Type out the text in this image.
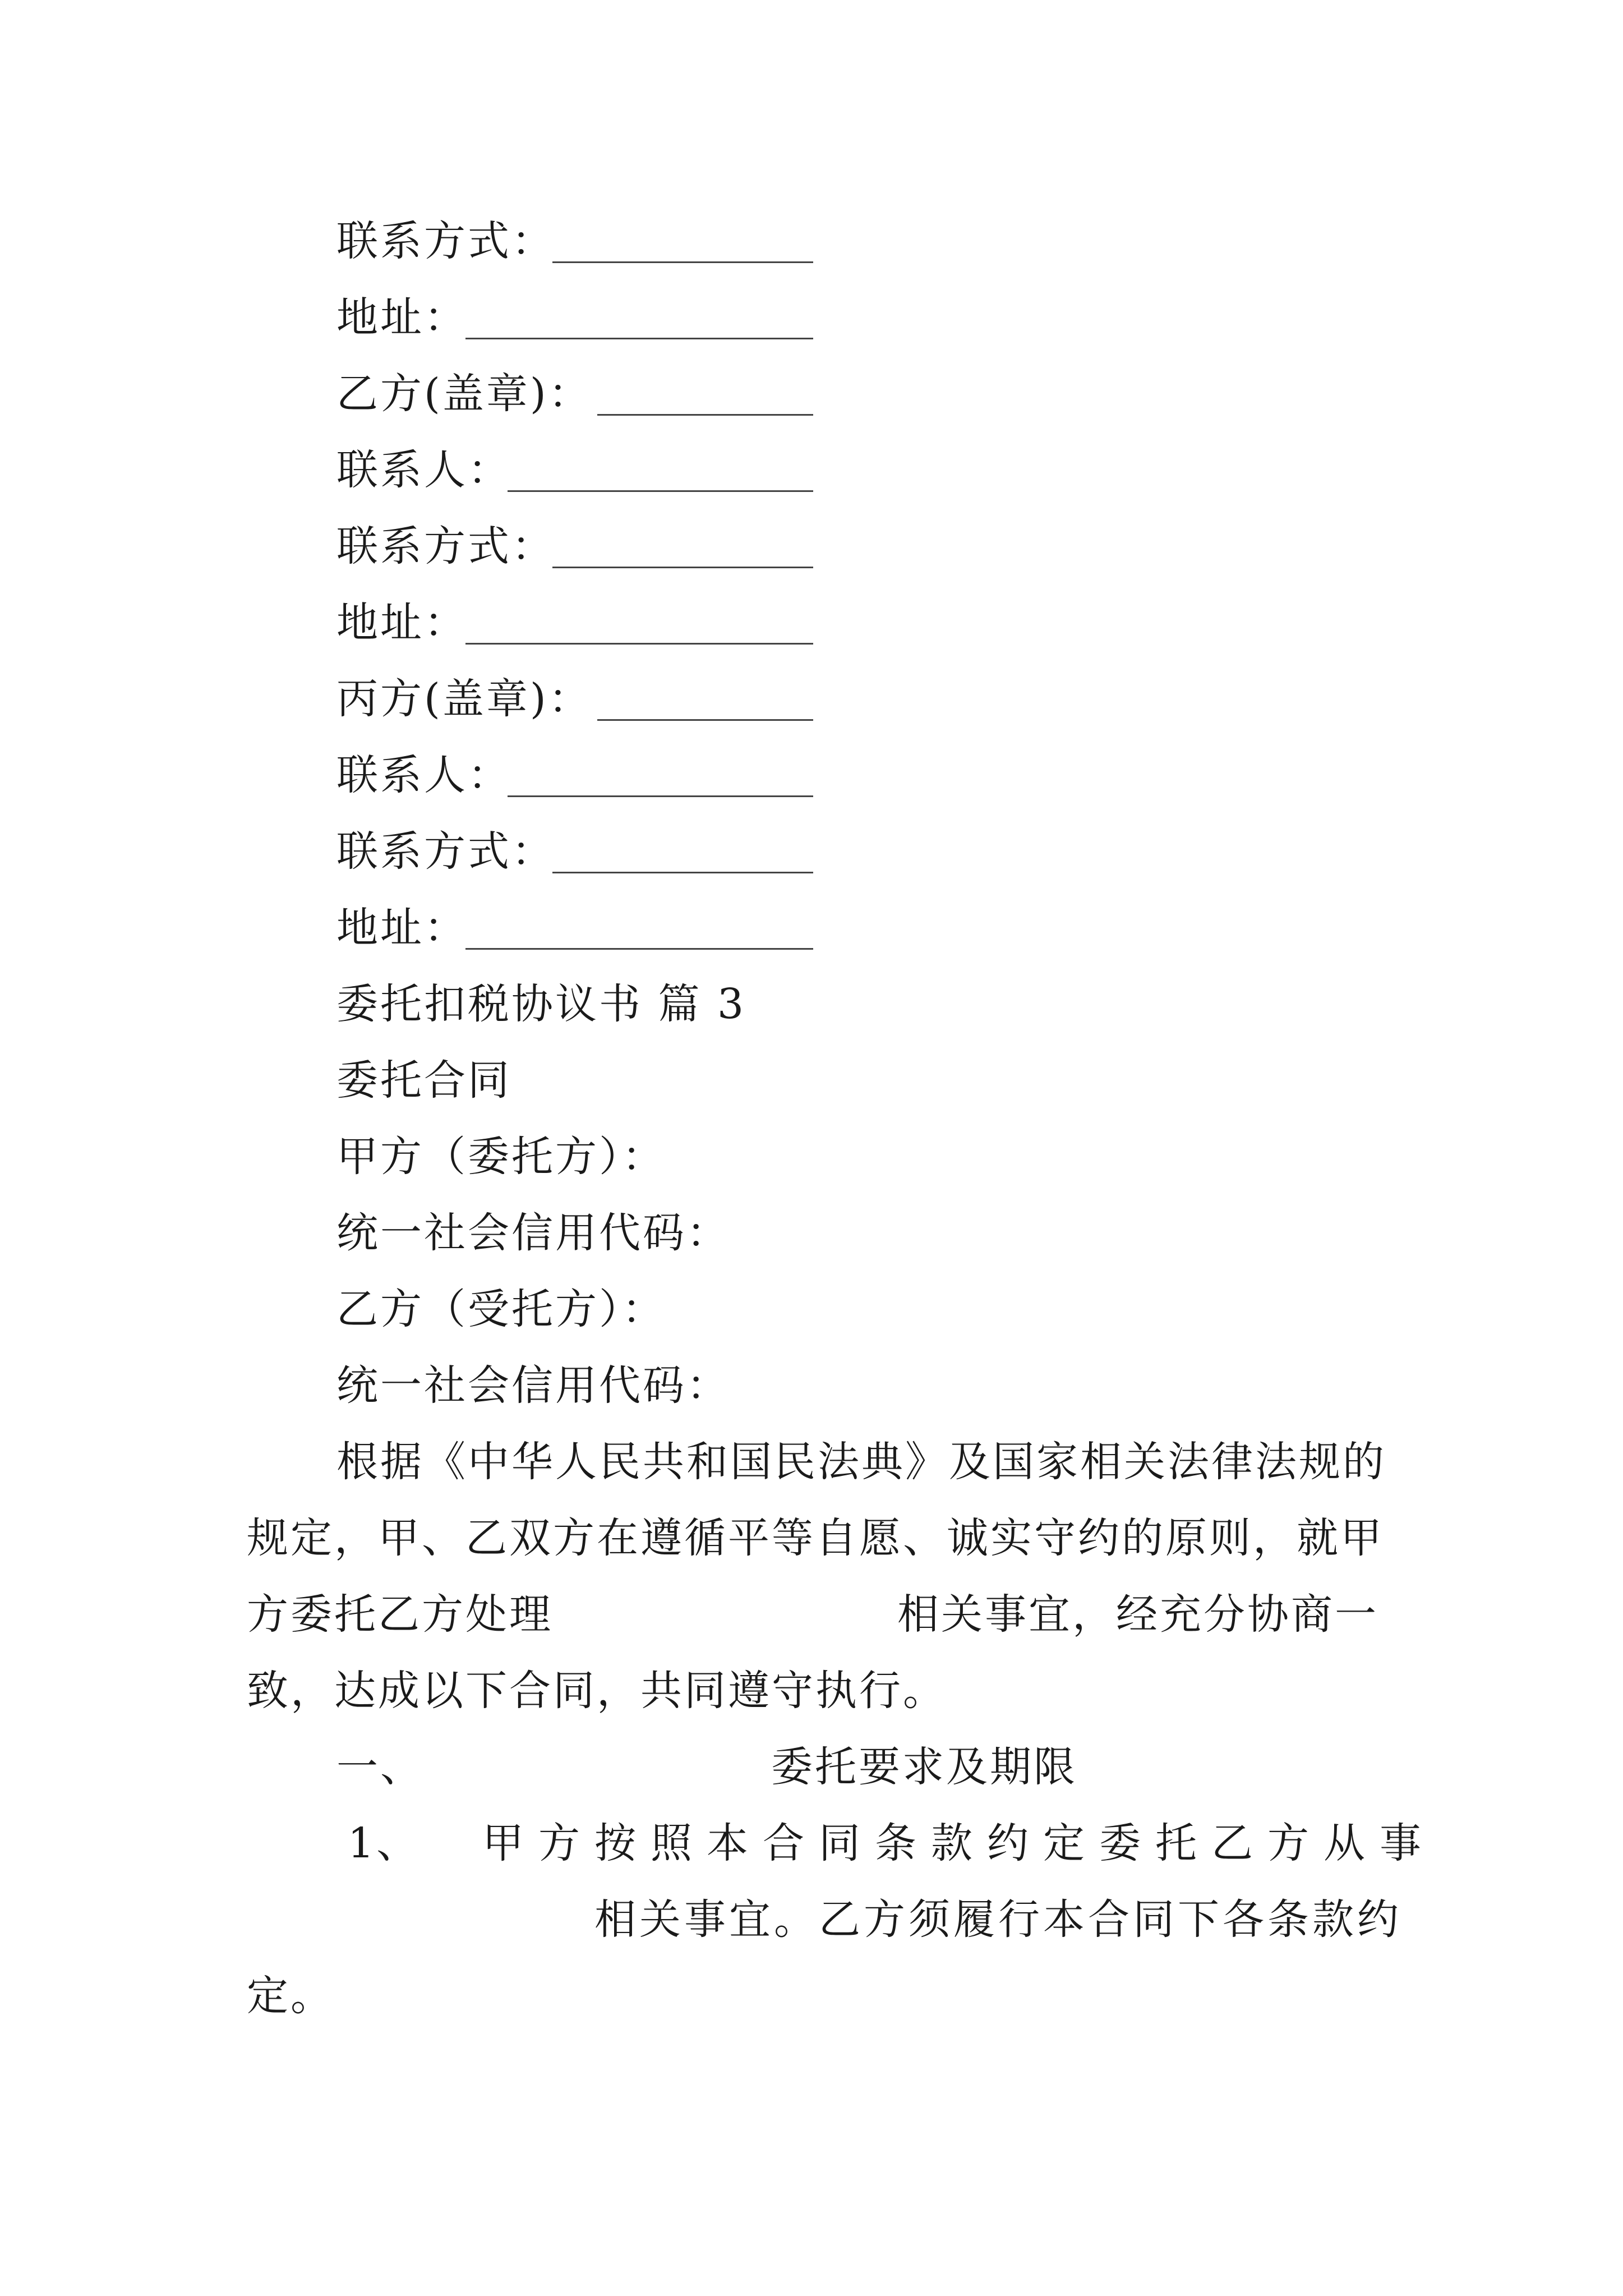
联系方式：
地址：
乙方(盖章)：
联系人：
联系方式：
地址：
丙方(盖章)：
联系人：
联系方式：
地址：
委托扣税协议书 篇 3
委托合同
甲方（委托方）：
统一社会信用代码：
乙方（受托方）：
统一社会信用代码：
根据《中华人民共和国民法典》及国家相关法律法规的
规定，甲、乙双方在遵循平等自愿、诚实守约的原则，就甲
方委托乙方处理	相关事宜，经充分协商一
致，达成以下合同，共同遵守执行。
一、	委托要求及期限
1、 甲方按照本合同条款约定委托乙方从事
相关事宜。乙方须履行本合同下各条款约
定。
